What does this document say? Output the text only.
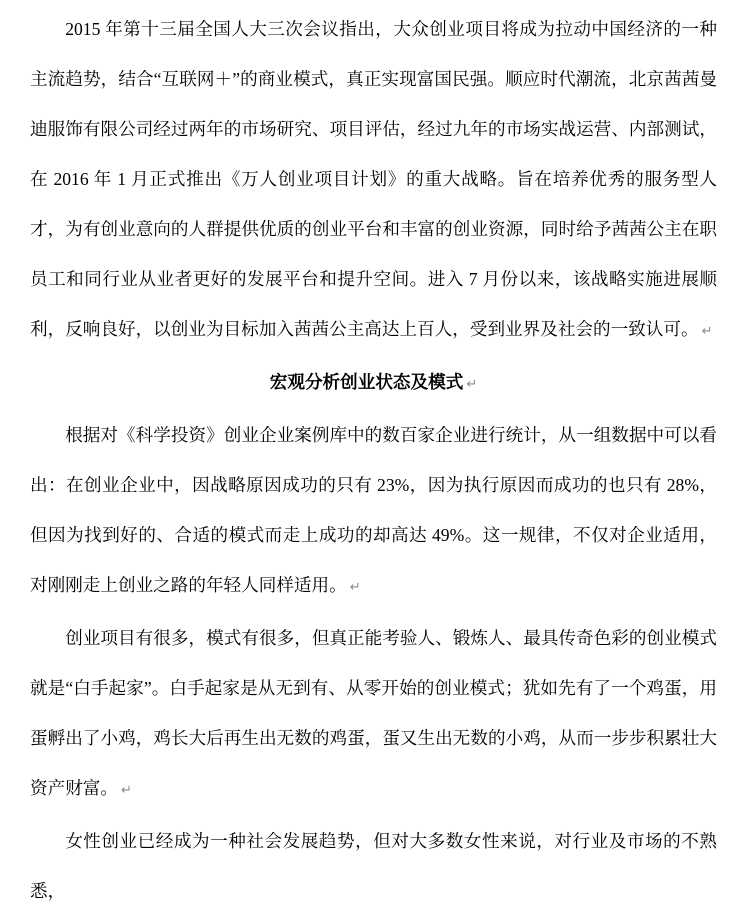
2015 年第十三届全国人大三次会议指出，大众创业项目将成为拉动中国经济的一种主流趋势，结合“互联网＋”的商业模式，真正实现富国民强。顺应时代潮流，北京茜茜曼迪服饰有限公司经过两年的市场研究、项目评估，经过九年的市场实战运营、内部测试，在 2016 年 1 月正式推出《万人创业项目计划》的重大战略。旨在培养优秀的服务型人才，为有创业意向的人群提供优质的创业平台和丰富的创业资源，同时给予茜茜公主在职员工和同行业从业者更好的发展平台和提升空间。进入 7 月份以来，该战略实施进展顺利，反响良好，以创业为目标加入茜茜公主高达上百人，受到业界及社会的一致认可。 ↵

宏观分析创业状态及模式 ↵

根据对《科学投资》创业企业案例库中的数百家企业进行统计，从一组数据中可以看出：在创业企业中，因战略原因成功的只有 23%，因为执行原因而成功的也只有 28%，但因为找到好的、合适的模式而走上成功的却高达 49%。这一规律，不仅对企业适用，对刚刚走上创业之路的年轻人同样适用。 ↵

创业项目有很多，模式有很多，但真正能考验人、锻炼人、最具传奇色彩的创业模式就是“白手起家”。白手起家是从无到有、从零开始的创业模式；犹如先有了一个鸡蛋，用蛋孵出了小鸡，鸡长大后再生出无数的鸡蛋，蛋又生出无数的小鸡，从而一步步积累壮大资产财富。 ↵

女性创业已经成为一种社会发展趋势，但对大多数女性来说，对行业及市场的不熟悉，
